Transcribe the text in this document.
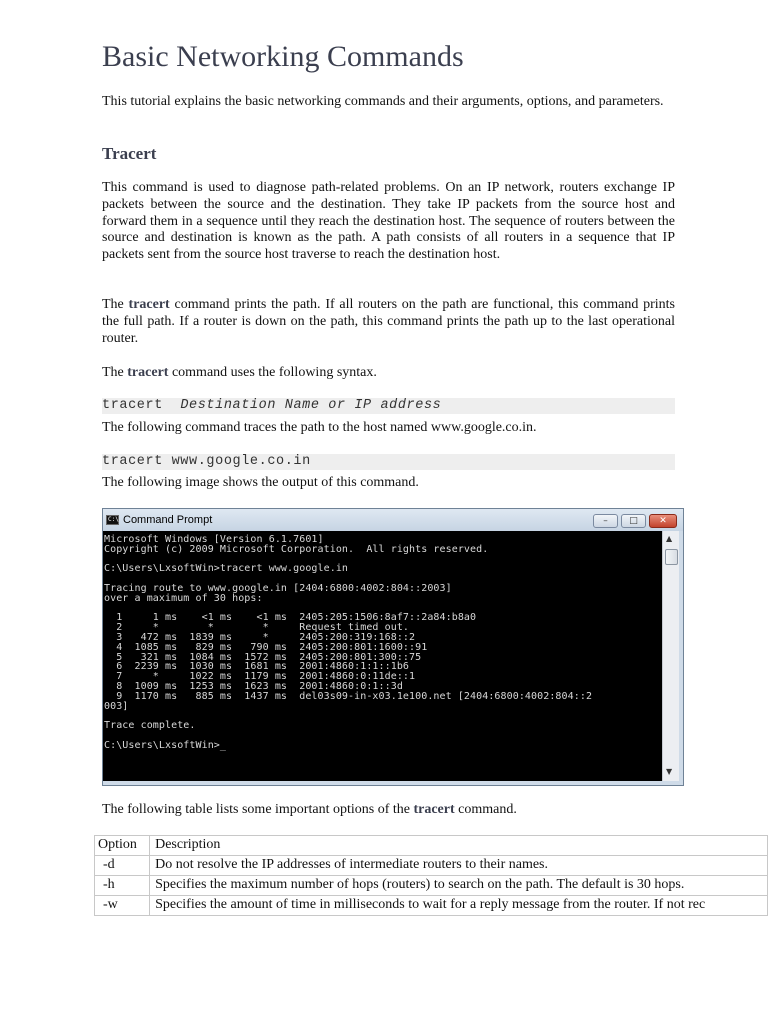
Basic Networking Commands

This tutorial explains the basic networking commands and their arguments, options, and parameters.

Tracert

This command is used to diagnose path-related problems. On an IP network, routers exchange IP packets between the source and the destination. They take IP packets from the source host and forward them in a sequence until they reach the destination host. The sequence of routers between the source and destination is known as the path. A path consists of all routers in a sequence that IP packets sent from the source host traverse to reach the destination host.

The tracert command prints the path. If all routers on the path are functional, this command prints the full path. If a router is down on the path, this command prints the path up to the last operational router.

The tracert command uses the following syntax.

tracert Destination Name or IP address

The following command traces the path to the host named www.google.co.in.

tracert www.google.co.in

The following image shows the output of this command.

The following table lists some important options of the tracert command.

C:\ Command Prompt	–	□	✕
Microsoft Windows [Version 6.1.7601]
Copyright (c) 2009 Microsoft Corporation.  All rights reserved.

C:\Users\LxsoftWin>tracert www.google.in

Tracing route to www.google.in [2404:6800:4002:804::2003]
over a maximum of 30 hops:

1     1 ms    <1 ms    <1 ms  2405:205:1506:8af7::2a84:b8a0
2     *        *        *     Request timed out.
3   472 ms  1839 ms     *     2405:200:319:168::2
4  1085 ms   829 ms   790 ms  2405:200:801:1600::91
5   321 ms  1084 ms  1572 ms  2405:200:801:300::75
6  2239 ms  1030 ms  1681 ms  2001:4860:1:1::1b6
7     *     1022 ms  1179 ms  2001:4860:0:11de::1
8  1009 ms  1253 ms  1623 ms  2001:4860:0:1::3d
9  1170 ms   885 ms  1437 ms  del03s09-in-x03.1e100.net [2404:6800:4002:804::2
003]

Trace complete.

C:\Users\LxsoftWin>_
▲
▼
Option	Description
-d	Do not resolve the IP addresses of intermediate routers to their names.
-h	Specifies the maximum number of hops (routers) to search on the path. The default is 30 hops.
-w	Specifies the amount of time in milliseconds to wait for a reply message from the router. If not rec
